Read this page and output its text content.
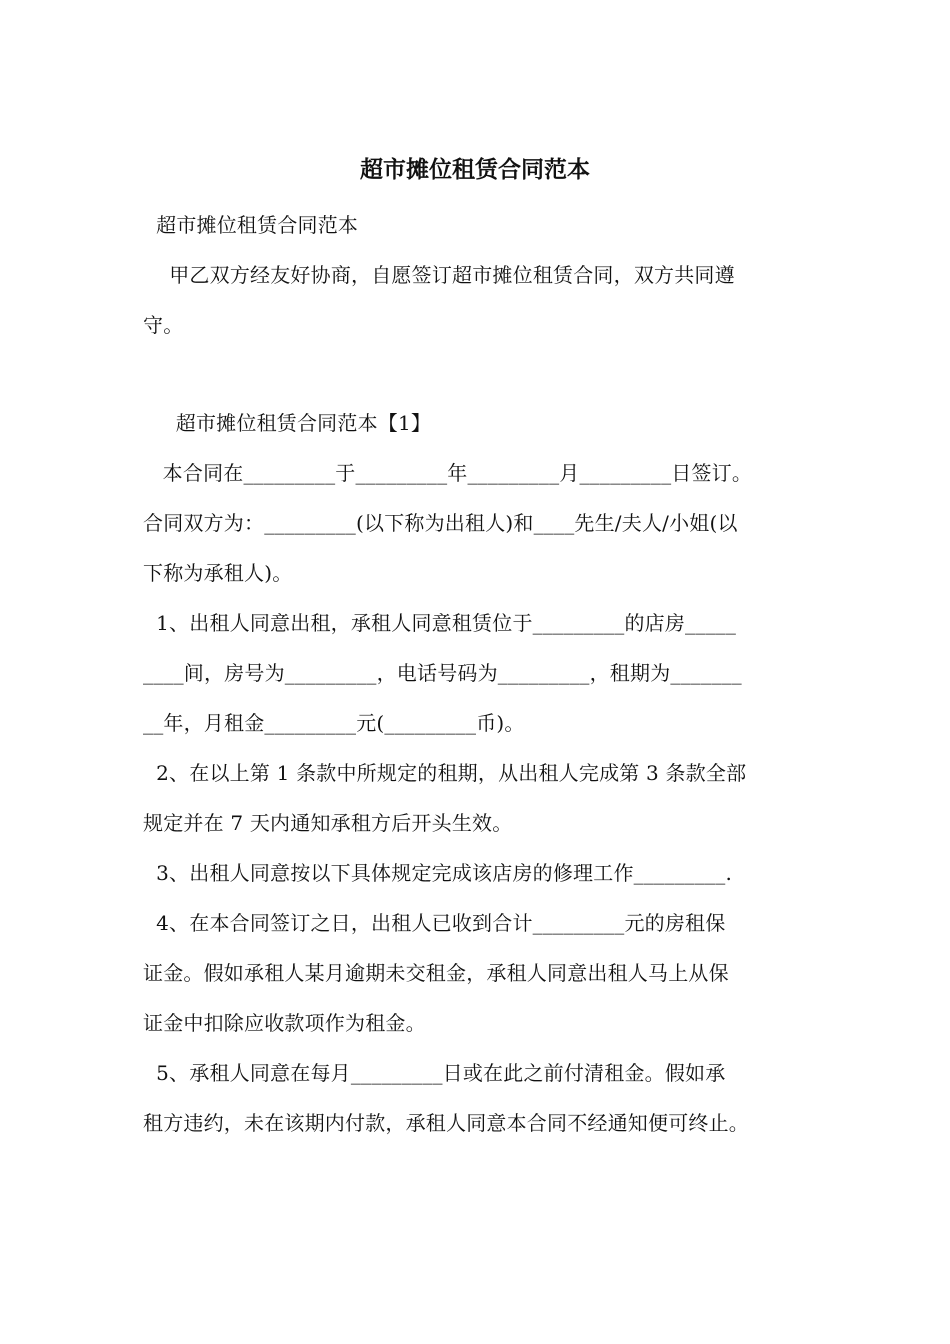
超市摊位租赁合同范本
超市摊位租赁合同范本
甲乙双方经友好协商，自愿签订超市摊位租赁合同，双方共同遵
守。
超市摊位租赁合同范本【1】
本合同在_________于_________年_________月_________日签订。
合同双方为：_________(以下称为出租人)和____先生/夫人/小姐(以
下称为承租人)。
1、出租人同意出租，承租人同意租赁位于_________的店房_____
____间，房号为_________，电话号码为_________，租期为_______
__年，月租金_________元(_________币)。
2、在以上第 1 条款中所规定的租期，从出租人完成第 3 条款全部
规定并在 7 天内通知承租方后开头生效。
3、出租人同意按以下具体规定完成该店房的修理工作_________.
4、在本合同签订之日，出租人已收到合计_________元的房租保
证金。假如承租人某月逾期未交租金，承租人同意出租人马上从保
证金中扣除应收款项作为租金。
5、承租人同意在每月_________日或在此之前付清租金。假如承
租方违约，未在该期内付款，承租人同意本合同不经通知便可终止。
